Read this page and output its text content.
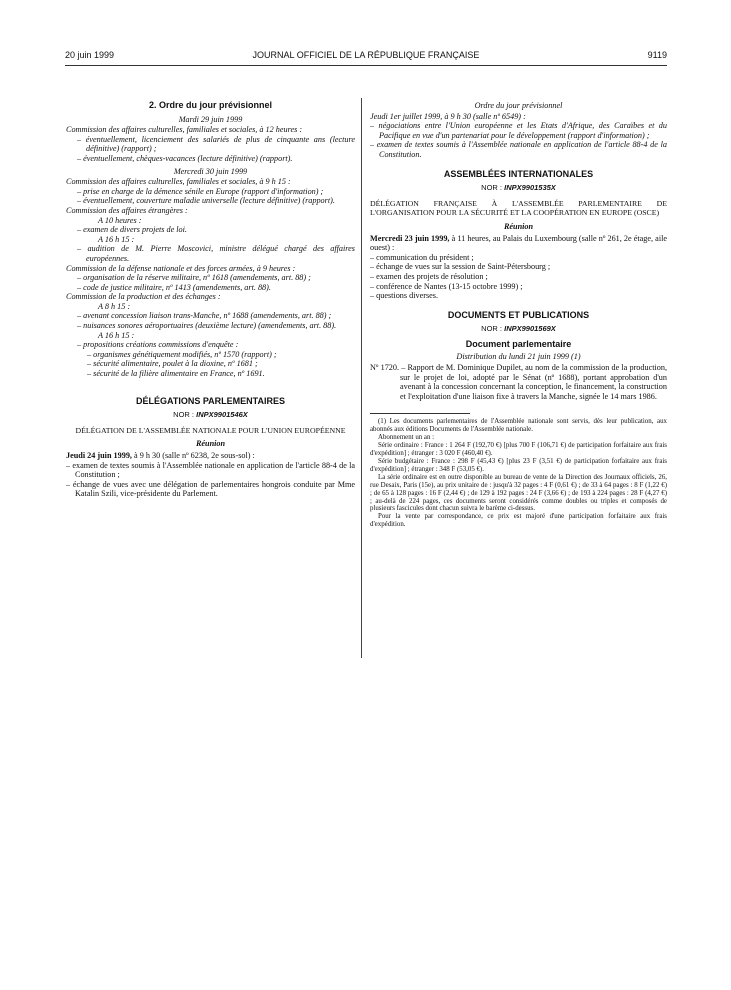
20 juin 1999	JOURNAL OFFICIEL DE LA RÉPUBLIQUE FRANÇAISE	9119
2. Ordre du jour prévisionnel
Mardi 29 juin 1999
Commission des affaires culturelles, familiales et sociales, à 12 heures :
– éventuellement, licenciement des salariés de plus de cinquante ans (lecture définitive) (rapport) ;
– éventuellement, chèques-vacances (lecture définitive) (rapport).
Mercredi 30 juin 1999
Commission des affaires culturelles, familiales et sociales, à 9 h 15 :
– prise en charge de la démence sénile en Europe (rapport d'information) ;
– éventuellement, couverture maladie universelle (lecture définitive) (rapport).
Commission des affaires étrangères :
A 10 heures :
– examen de divers projets de loi.
A 16 h 15 :
– audition de M. Pierre Moscovici, ministre délégué chargé des affaires européennes.
Commission de la défense nationale et des forces armées, à 9 heures :
– organisation de la réserve militaire, nº 1618 (amendements, art. 88) ;
– code de justice militaire, nº 1413 (amendements, art. 88).
Commission de la production et des échanges :
A 8 h 15 :
– avenant concession liaison trans-Manche, nº 1688 (amendements, art. 88) ;
– nuisances sonores aéroportuaires (deuxième lecture) (amendements, art. 88).
A 16 h 15 :
– propositions créations commissions d'enquête :
– organismes génétiquement modifiés, nº 1570 (rapport) ;
– sécurité alimentaire, poulet à la dioxine, nº 1681 ;
– sécurité de la filière alimentaire en France, nº 1691.
DÉLÉGATIONS PARLEMENTAIRES
NOR : INPX9901546X
DÉLÉGATION DE L'ASSEMBLÉE NATIONALE POUR L'UNION EUROPÉENNE
Réunion
Jeudi 24 juin 1999, à 9 h 30 (salle nº 6238, 2e sous-sol) :
– examen de textes soumis à l'Assemblée nationale en application de l'article 88-4 de la Constitution ;
– échange de vues avec une délégation de parlementaires hongrois conduite par Mme Katalin Szili, vice-présidente du Parlement.
Ordre du jour prévisionnel
Jeudi 1er juillet 1999, à 9 h 30 (salle nº 6549) :
– négociations entre l'Union européenne et les Etats d'Afrique, des Caraïbes et du Pacifique en vue d'un partenariat pour le développement (rapport d'information) ;
– examen de textes soumis à l'Assemblée nationale en application de l'article 88-4 de la Constitution.
ASSEMBLÉES INTERNATIONALES
NOR : INPX9901535X
DÉLÉGATION FRANÇAISE À L'ASSEMBLÉE PARLEMENTAIRE DE L'ORGANISATION POUR LA SÉCURITÉ ET LA COOPÉRATION EN EUROPE (OSCE)
Réunion
Mercredi 23 juin 1999, à 11 heures, au Palais du Luxembourg (salle nº 261, 2e étage, aile ouest) :
– communication du président ;
– échange de vues sur la session de Saint-Pétersbourg ;
– examen des projets de résolution ;
– conférence de Nantes (13-15 octobre 1999) ;
– questions diverses.
DOCUMENTS ET PUBLICATIONS
NOR : INPX9901569X
Document parlementaire
Distribution du lundi 21 juin 1999 (1)
Nº 1720. – Rapport de M. Dominique Dupilet, au nom de la commission de la production, sur le projet de loi, adopté par le Sénat (nº 1688), portant approbation d'un avenant à la concession concernant la conception, le financement, la construction et l'exploitation d'une liaison fixe à travers la Manche, signée le 14 mars 1986.

(1) Les documents parlementaires de l'Assemblée nationale sont servis, dès leur publication, aux abonnés aux éditions Documents de l'Assemblée nationale.

Abonnement un an :

Série ordinaire : France : 1 264 F (192,70 €) [plus 700 F (106,71 €) de participation forfaitaire aux frais d'expédition] ; étranger : 3 020 F (460,40 €).

Série budgétaire : France : 298 F (45,43 €) [plus 23 F (3,51 €) de participation forfaitaire aux frais d'expédition] ; étranger : 348 F (53,05 €).

La série ordinaire est en outre disponible au bureau de vente de la Direction des Journaux officiels, 26, rue Desaix, Paris (15e), au prix unitaire de : jusqu'à 32 pages : 4 F (0,61 €) ; de 33 à 64 pages : 8 F (1,22 €) ; de 65 à 128 pages : 16 F (2,44 €) ; de 129 à 192 pages : 24 F (3,66 €) ; de 193 à 224 pages : 28 F (4,27 €) ; au-delà de 224 pages, ces documents seront considérés comme doubles ou triples et composés de plusieurs fascicules dont chacun suivra le barème ci-dessus.

Pour la vente par correspondance, ce prix est majoré d'une participation forfaitaire aux frais d'expédition.
